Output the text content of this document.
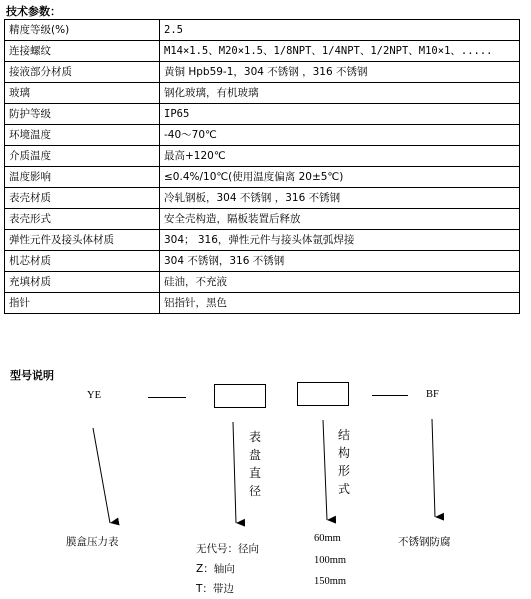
技术参数：
精度等级(%)	2.5
连接螺纹	M14×1.5、M20×1.5、1/8NPT、1/4NPT、1/2NPT、M10×1、.....
接液部分材质	黄铜 Hpb59-1，304 不锈钢 ，316 不锈钢
玻璃	钢化玻璃，有机玻璃
防护等级	IP65
环境温度	-40～70℃
介质温度	最高+120℃
温度影响	≤0.4%/10℃(使用温度偏离 20±5℃)
表壳材质	冷轧钢板，304 不锈钢 ，316 不锈钢
表壳形式	安全壳构造，隔板装置后释放
弹性元件及接头体材质	304； 316，弹性元件与接头体氩弧焊接
机芯材质	304 不锈钢，316 不锈钢
充填材质	硅油，不充液
指针	铝指针，黑色
型号说明
YE	BF
表盘直径
结构形式
膜盒压力表
无代号：径向
Z：轴向
T：带边
60mm
100mm
150mm
不锈钢防腐
